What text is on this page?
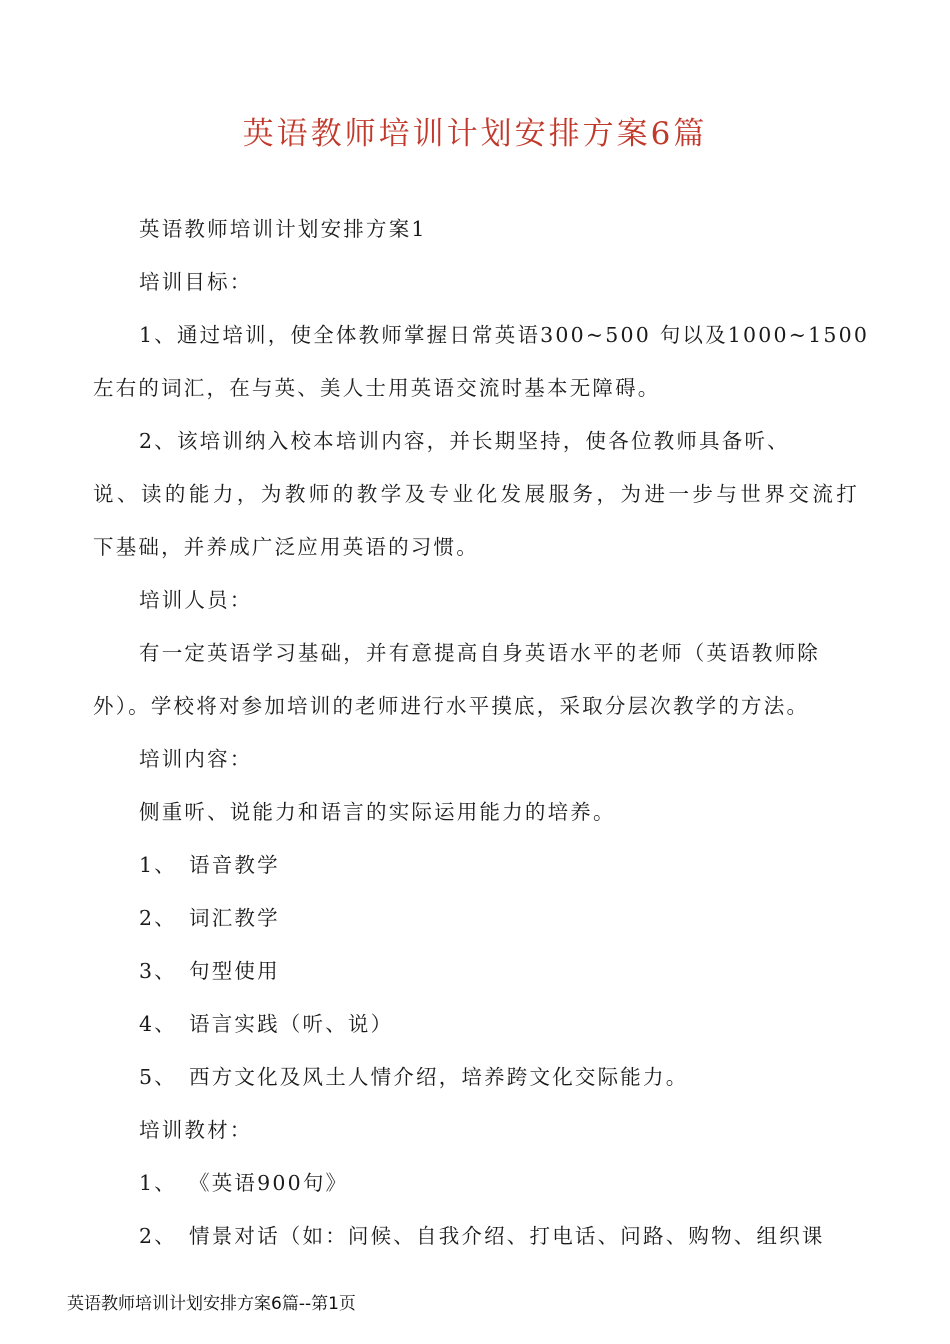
英语教师培训计划安排方案6篇
英语教师培训计划安排方案1
培训目标：
1、通过培训，使全体教师掌握日常英语300~500 句以及1000~1500
左右的词汇，在与英、美人士用英语交流时基本无障碍。
2、该培训纳入校本培训内容，并长期坚持，使各位教师具备听、
说、读的能力，为教师的教学及专业化发展服务，为进一步与世界交流打
下基础，并养成广泛应用英语的习惯。
培训人员：
有一定英语学习基础，并有意提高自身英语水平的老师（英语教师除
外）。学校将对参加培训的老师进行水平摸底，采取分层次教学的方法。
培训内容：
侧重听、说能力和语言的实际运用能力的培养。
1、 语音教学
2、 词汇教学
3、 句型使用
4、 语言实践（听、说）
5、 西方文化及风土人情介绍，培养跨文化交际能力。
培训教材：
1、 《英语900句》
2、 情景对话（如：问候、自我介绍、打电话、问路、购物、组织课
英语教师培训计划安排方案6篇--第1页
